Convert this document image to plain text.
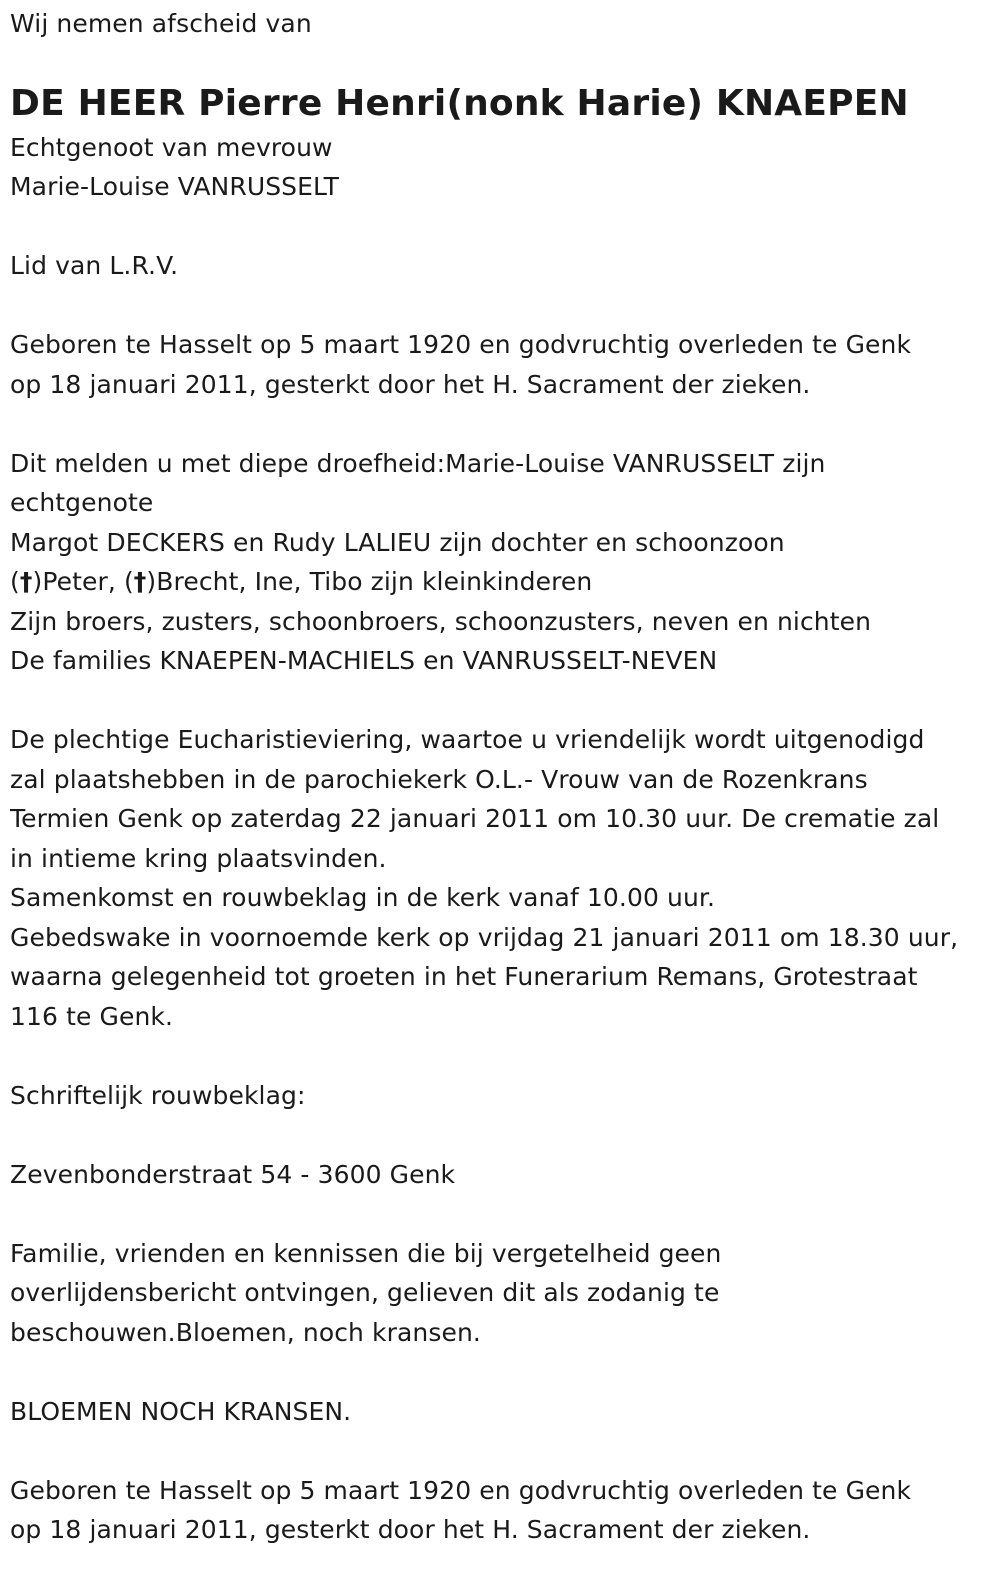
Wij nemen afscheid van
DE HEER Pierre Henri(nonk Harie) KNAEPEN
Echtgenoot van mevrouw
Marie-Louise VANRUSSELT
Lid van L.R.V.
Geboren te Hasselt op 5 maart 1920 en godvruchtig overleden te Genk
op 18 januari 2011, gesterkt door het H. Sacrament der zieken.
Dit melden u met diepe droefheid:Marie-Louise VANRUSSELT zijn
echtgenote
Margot DECKERS en Rudy LALIEU zijn dochter en schoonzoon
(†)Peter, (†)Brecht, Ine, Tibo zijn kleinkinderen
Zijn broers, zusters, schoonbroers, schoonzusters, neven en nichten
De families KNAEPEN-MACHIELS en VANRUSSELT-NEVEN
De plechtige Eucharistieviering, waartoe u vriendelijk wordt uitgenodigd
zal plaatshebben in de parochiekerk O.L.- Vrouw van de Rozenkrans
Termien Genk op zaterdag 22 januari 2011 om 10.30 uur. De crematie zal
in intieme kring plaatsvinden.
Samenkomst en rouwbeklag in de kerk vanaf 10.00 uur.
Gebedswake in voornoemde kerk op vrijdag 21 januari 2011 om 18.30 uur,
waarna gelegenheid tot groeten in het Funerarium Remans, Grotestraat
116 te Genk.
Schriftelijk rouwbeklag:
Zevenbonderstraat 54 - 3600 Genk
Familie, vrienden en kennissen die bij vergetelheid geen
overlijdensbericht ontvingen, gelieven dit als zodanig te
beschouwen.Bloemen, noch kransen.
BLOEMEN NOCH KRANSEN.
Geboren te Hasselt op 5 maart 1920 en godvruchtig overleden te Genk
op 18 januari 2011, gesterkt door het H. Sacrament der zieken.
